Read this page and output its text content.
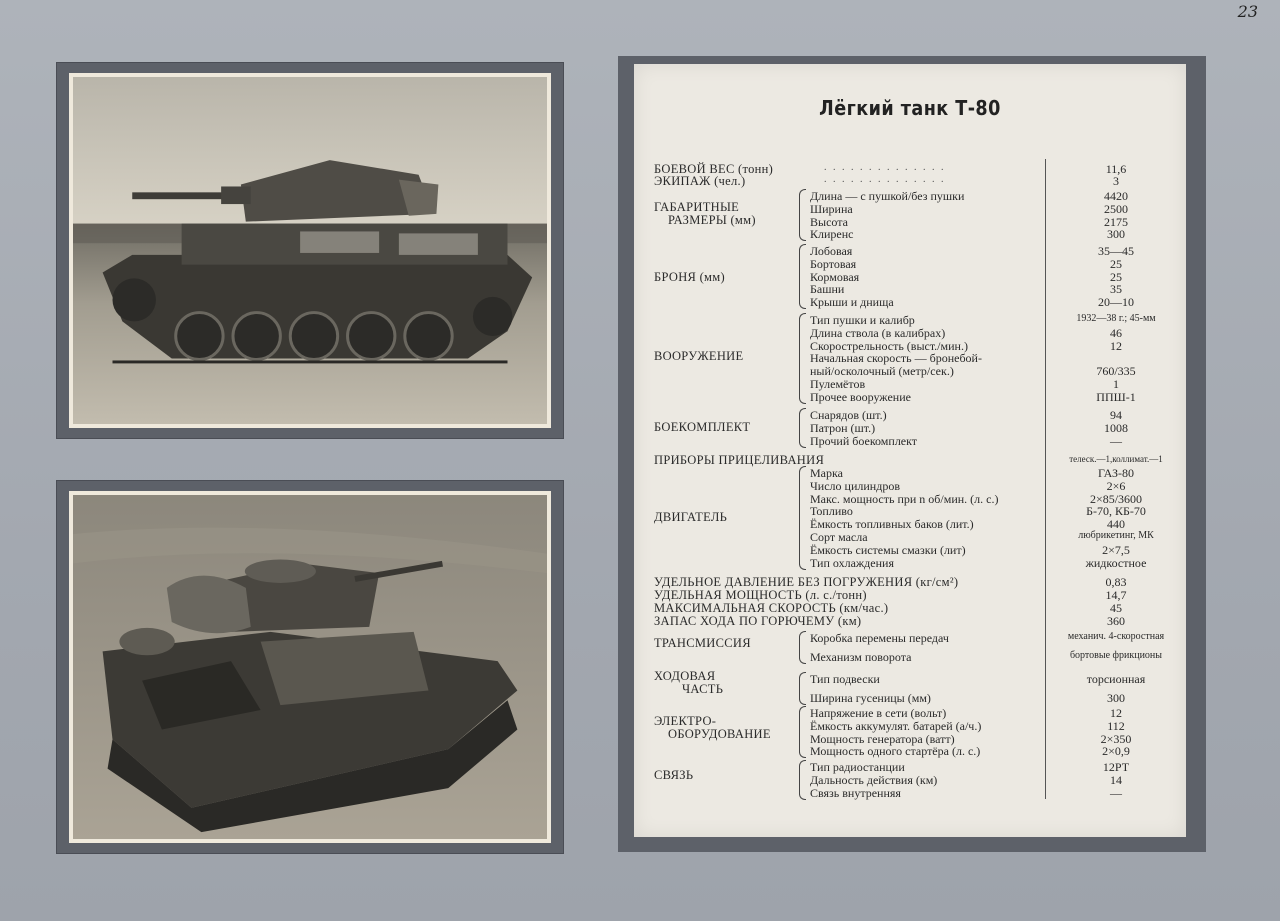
23
Лёгкий танк Т-80
БОЕВОЙ ВЕС (тонн)	11,6
. . . . . . . . . . . . . .
ЭКИПАЖ (чел.)	3
. . . . . . . . . . . . . .
ГАБАРИТНЫЕ
РАЗМЕРЫ (мм)
Длина — с пушкой/без пушки	4420
Ширина	2500
Высота	2175
Клиренс	300
БРОНЯ (мм)
Лобовая	35—45
Бортовая	25
Кормовая	25
Башни	35
Крыши и днища	20—10
ВООРУЖЕНИЕ
Тип пушки и калибр	1932—38 г.; 45-мм
Длина ствола (в калибрах)	46
Скорострельность (выст./мин.)	12
Начальная скорость — бронебой-
ный/осколочный (метр/сек.)	760/335
Пулемётов	1
Прочее вооружение	ППШ-1
БОЕКОМПЛЕКТ
Снарядов (шт.)	94
Патрон (шт.)	1008
Прочий боекомплект	—
ПРИБОРЫ ПРИЦЕЛИВАНИЯ	телеск.—1,коллимат.—1
ДВИГАТЕЛЬ
Марка	ГАЗ-80
Число цилиндров	2×6
Макс. мощность при n об/мин. (л. с.)	2×85/3600
Топливо	Б-70, КБ-70
Ёмкость топливных баков (лит.)	440
Сорт масла	любрикетинг, МК
Ёмкость системы смазки (лит)	2×7,5
Тип охлаждения	жидкостное
УДЕЛЬНОЕ ДАВЛЕНИЕ БЕЗ ПОГРУЖЕНИЯ (кг/см²)	0,83
УДЕЛЬНАЯ МОЩНОСТЬ (л. с./тонн)	14,7
МАКСИМАЛЬНАЯ СКОРОСТЬ (км/час.)	45
ЗАПАС ХОДА ПО ГОРЮЧЕМУ (км)	360
ТРАНСМИССИЯ	Коробка перемены передач	механич. 4-скоростная
Механизм поворота	бортовые фрикционы
ХОДОВАЯ
ЧАСТЬ
Тип подвески	торсионная
Ширина гусеницы (мм)	300
ЭЛЕКТРО-
ОБОРУДОВАНИЕ
Напряжение в сети (вольт)	12
Ёмкость аккумулят. батарей (а/ч.)	112
Мощность генератора (ватт)	2×350
Мощность одного стартёра (л. с.)	2×0,9
СВЯЗЬ
Тип радиостанции	12РТ
Дальность действия (км)	14
Связь внутренняя	—
